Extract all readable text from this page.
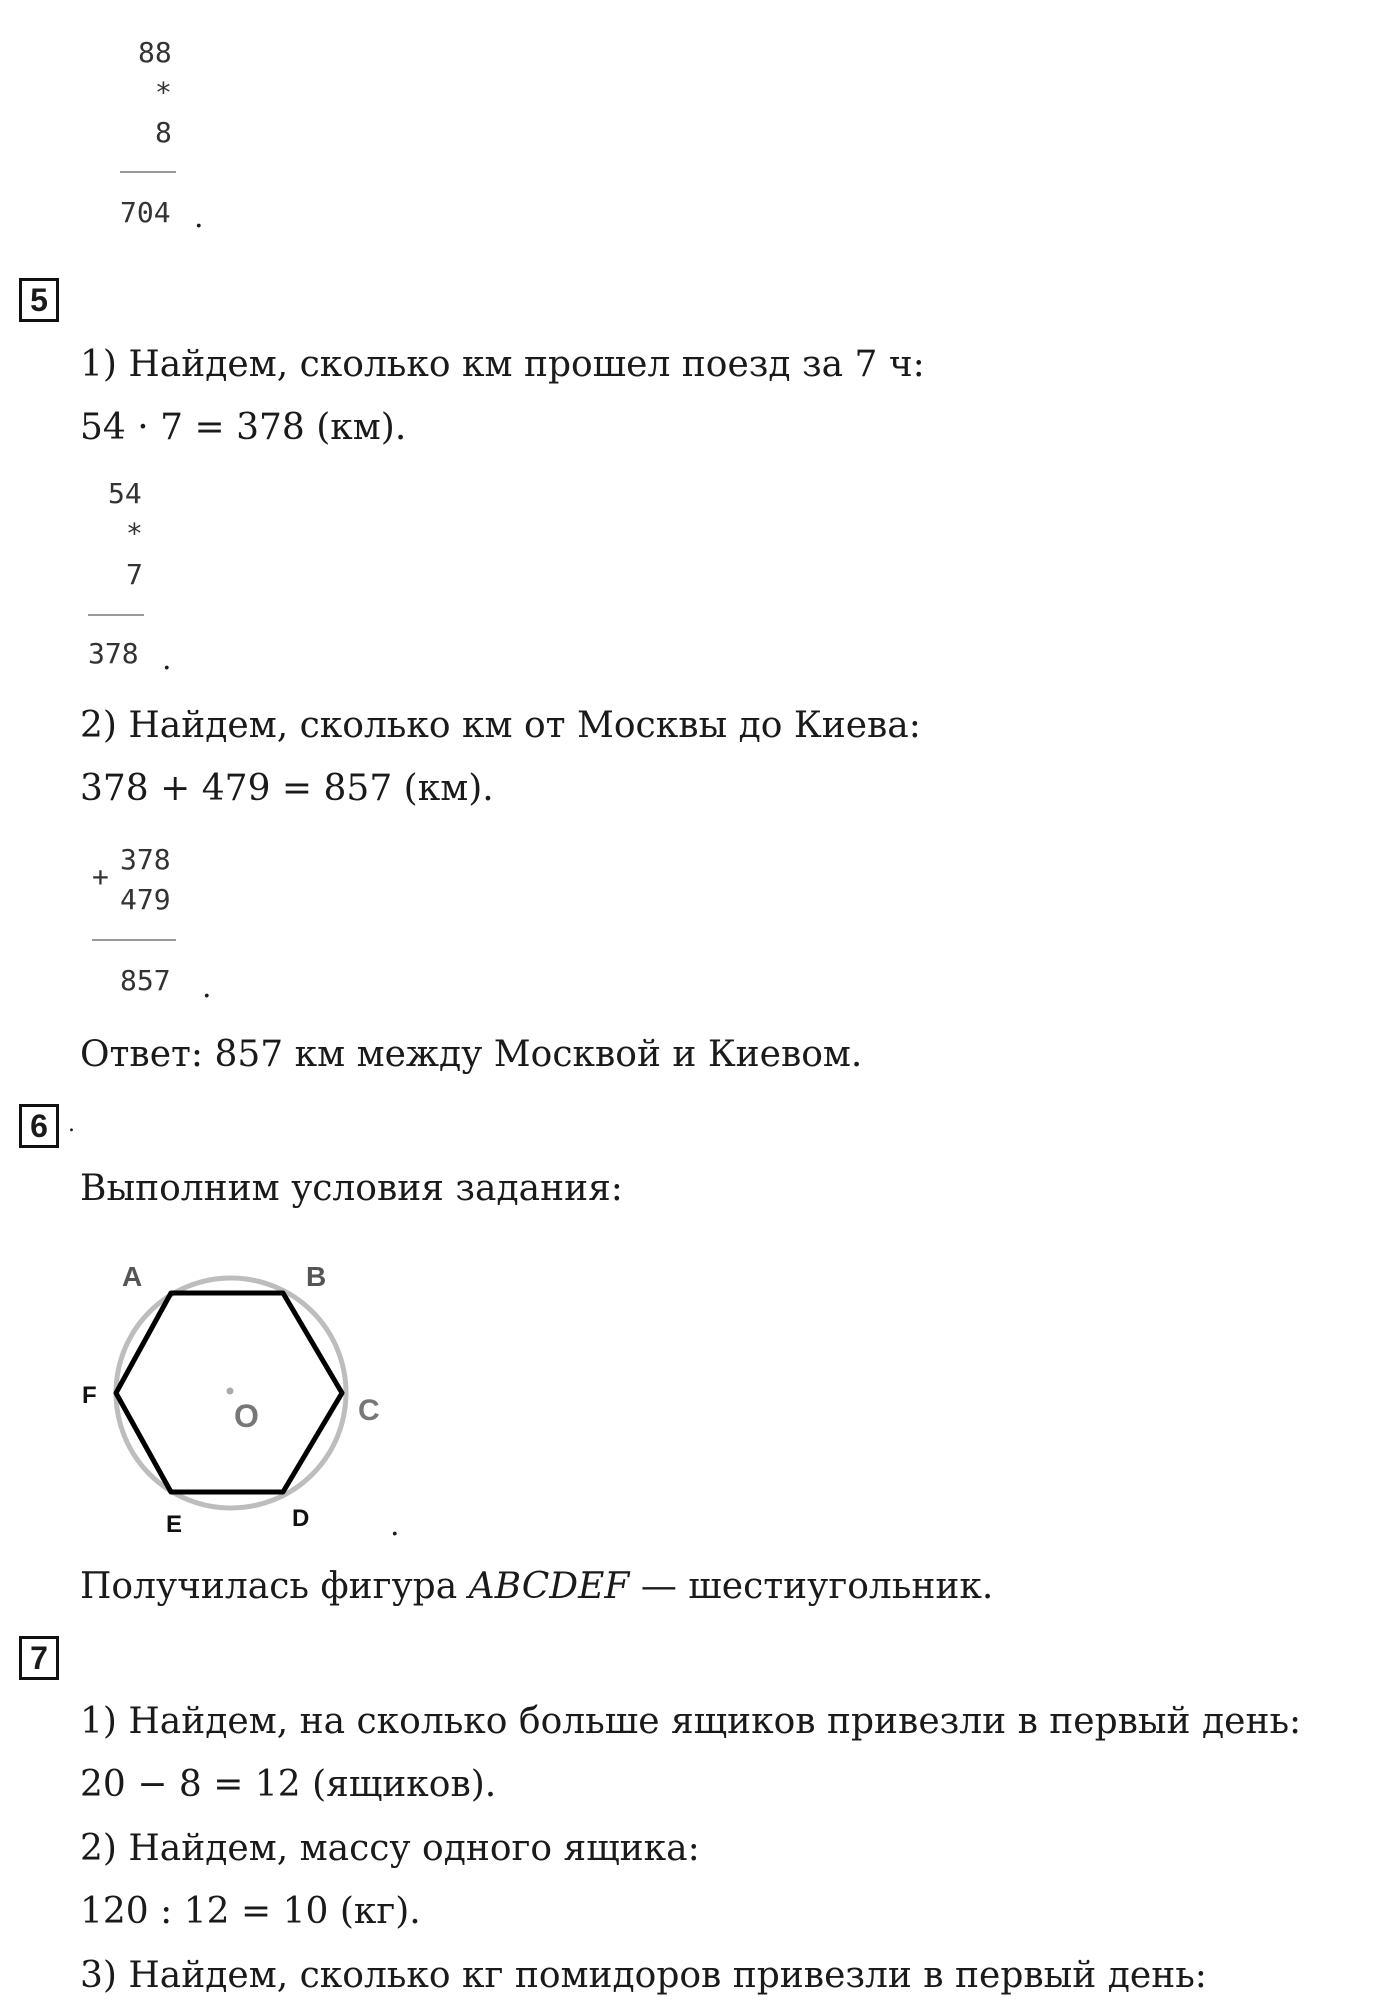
88
*
8
704 .
5
1) Найдем, сколько км прошел поезд за 7 ч:
54 · 7 = 378 (км).
54
*
7
378 .
2) Найдем, сколько км от Москвы до Киева:
378 + 479 = 857 (км).
+
378
479
857 .
Ответ: 857 км между Москвой и Киевом.
6 .
Выполним условия задания:
A	B
C
D
E
F
O
.
Получилась фигура ABCDEF — шестиугольник.
7
1) Найдем, на сколько больше ящиков привезли в первый день:
20 − 8 = 12 (ящиков).
2) Найдем, массу одного ящика:
120 : 12 = 10 (кг).
3) Найдем, сколько кг помидоров привезли в первый день:
